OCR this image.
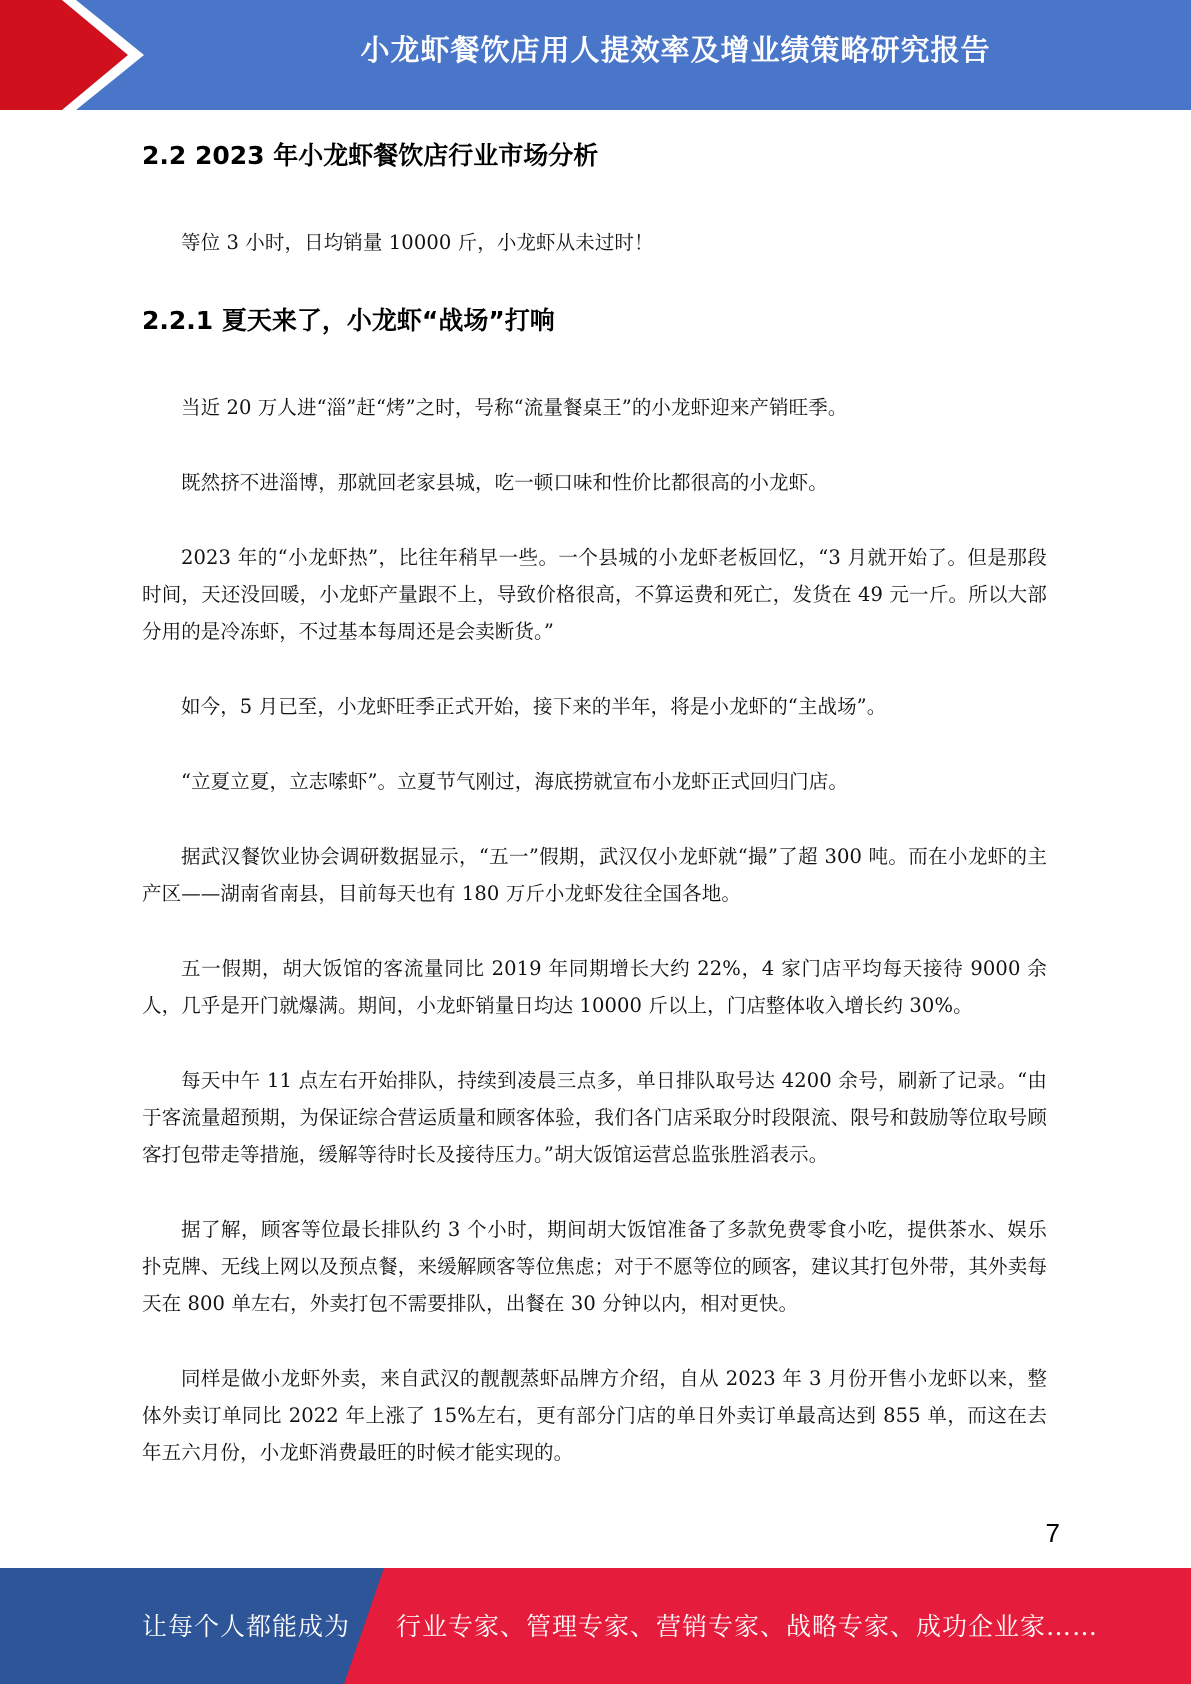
小龙虾餐饮店用人提效率及增业绩策略研究报告
2.2 2023 年小龙虾餐饮店行业市场分析

等位 3 小时，日均销量 10000 斤，小龙虾从未过时！

2.2.1 夏天来了，小龙虾“战场”打响

当近 20 万人进“淄”赶“烤”之时，号称“流量餐桌王”的小龙虾迎来产销旺季。

既然挤不进淄博，那就回老家县城，吃一顿口味和性价比都很高的小龙虾。

2023 年的“小龙虾热”，比往年稍早一些。一个县城的小龙虾老板回忆，“3 月就开始了。但是那段时间，天还没回暖，小龙虾产量跟不上，导致价格很高，不算运费和死亡，发货在 49 元一斤。所以大部分用的是冷冻虾，不过基本每周还是会卖断货。”

如今，5 月已至，小龙虾旺季正式开始，接下来的半年，将是小龙虾的“主战场”。

“立夏立夏，立志嗦虾”。立夏节气刚过，海底捞就宣布小龙虾正式回归门店。

据武汉餐饮业协会调研数据显示，“五一”假期，武汉仅小龙虾就“撮”了超 300 吨。而在小龙虾的主产区——湖南省南县，目前每天也有 180 万斤小龙虾发往全国各地。

五一假期，胡大饭馆的客流量同比 2019 年同期增长大约 22%，4 家门店平均每天接待 9000 余人，几乎是开门就爆满。期间，小龙虾销量日均达 10000 斤以上，门店整体收入增长约 30%。

每天中午 11 点左右开始排队，持续到凌晨三点多，单日排队取号达 4200 余号，刷新了记录。“由于客流量超预期，为保证综合营运质量和顾客体验，我们各门店采取分时段限流、限号和鼓励等位取号顾客打包带走等措施，缓解等待时长及接待压力。”胡大饭馆运营总监张胜滔表示。

据了解，顾客等位最长排队约 3 个小时，期间胡大饭馆准备了多款免费零食小吃，提供茶水、娱乐扑克牌、无线上网以及预点餐，来缓解顾客等位焦虑；对于不愿等位的顾客，建议其打包外带，其外卖每天在 800 单左右，外卖打包不需要排队，出餐在 30 分钟以内，相对更快。

同样是做小龙虾外卖，来自武汉的靓靓蒸虾品牌方介绍，自从 2023 年 3 月份开售小龙虾以来，整体外卖订单同比 2022 年上涨了 15%左右，更有部分门店的单日外卖订单最高达到 855 单，而这在去年五六月份，小龙虾消费最旺的时候才能实现的。

7
让每个人都能成为 行业专家、管理专家、营销专家、战略专家、成功企业家……
